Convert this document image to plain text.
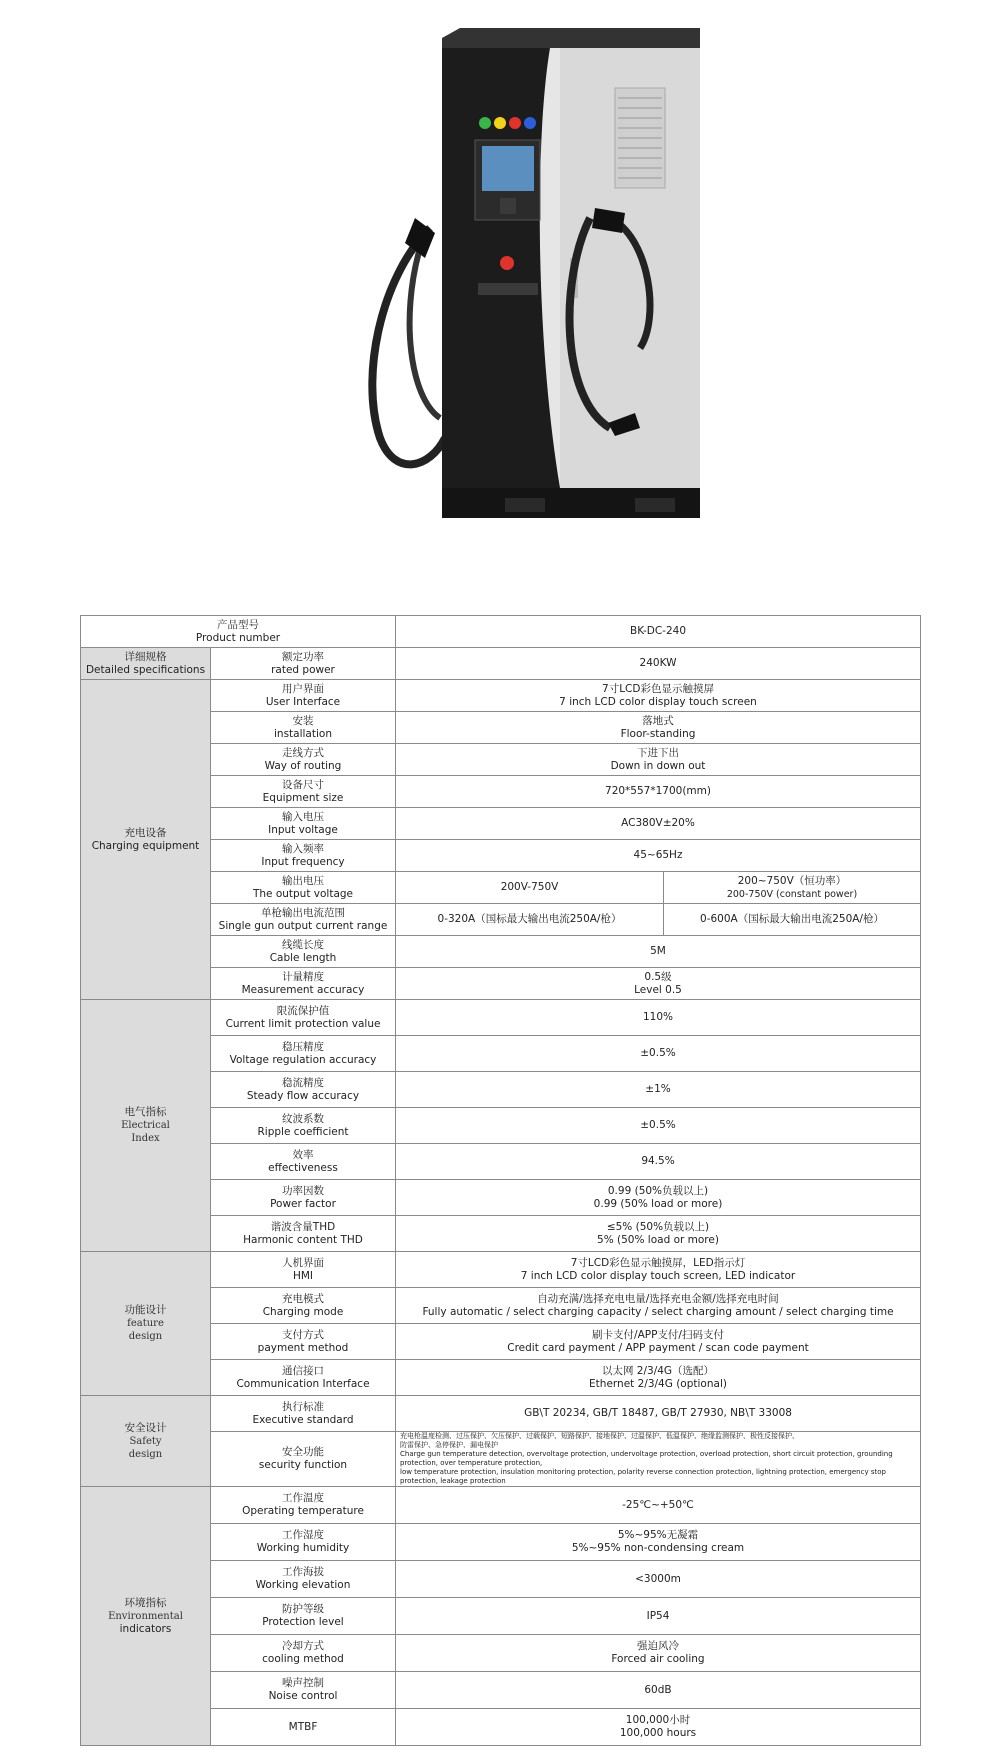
产品型号
Product number		BK-DC-240	

详细规格
Detailed specifications	额定功率
rated power	240KW	

充电设备
Charging equipment	用户界面
User Interface	7寸LCD彩色显示触摸屏
7 inch LCD color display touch screen	

	安装
installation	落地式
Floor-standing	

	走线方式
Way of routing	下进下出
Down in down out	

	设备尺寸
Equipment size	720*557*1700(mm)	

	输入电压
Input voltage	AC380V±20%	

	输入频率
Input frequency	45~65Hz	

	输出电压
The output voltage	200V-750V	200~750V（恒功率）
200-750V (constant power)

	单枪输出电流范围
Single gun output current range	0-320A（国标最大输出电流250A/枪）	0-600A（国标最大输出电流250A/枪）

	线缆长度
Cable length	5M	

	计量精度
Measurement accuracy	0.5级
Level 0.5	

电气指标
Electrical
Index	限流保护值
Current limit protection value	110%	

	稳压精度
Voltage regulation accuracy	±0.5%	

	稳流精度
Steady flow accuracy	±1%	

	纹波系数
Ripple coefficient	±0.5%	

	效率
effectiveness	94.5%	

	功率因数
Power factor	0.99 (50%负载以上)
0.99 (50% load or more)	

	谐波含量THD
Harmonic content THD	≤5% (50%负载以上)
5% (50% load or more)	

功能设计
feature
design	人机界面
HMI	7寸LCD彩色显示触摸屏，LED指示灯
7 inch LCD color display touch screen, LED indicator	

	充电模式
Charging mode	自动充满/选择充电电量/选择充电金额/选择充电时间
Fully automatic / select charging capacity / select charging amount / select charging time	

	支付方式
payment method	刷卡支付/APP支付/扫码支付
Credit card payment / APP payment / scan code payment	

	通信接口
Communication Interface	以太网 2/3/4G（选配）
Ethernet 2/3/4G (optional)	

安全设计
Safety
design	执行标准
Executive standard	GB\T 20234, GB/T 18487, GB/T 27930, NB\T 33008	

	安全功能
security function	充电枪温度检测、过压保护、欠压保护、过载保护、短路保护、接地保护、过温保护、低温保护、绝缘监测保护、极性反接保护、
防雷保护、急停保护、漏电保护
Charge gun temperature detection, overvoltage protection, undervoltage protection, overload protection, short circuit protection, grounding protection, over temperature protection,
low temperature protection, insulation monitoring protection, polarity reverse connection protection, lightning protection, emergency stop protection, leakage protection	

环境指标
Environmental
indicators	工作温度
Operating temperature	-25℃~+50℃	

	工作湿度
Working humidity	5%~95%无凝霜
5%~95% non-condensing cream	

	工作海拔
Working elevation	<3000m	

	防护等级
Protection level	IP54	

	冷却方式
cooling method	强迫风冷
Forced air cooling	

	噪声控制
Noise control	60dB	

	MTBF	100,000小时
100,000 hours	
